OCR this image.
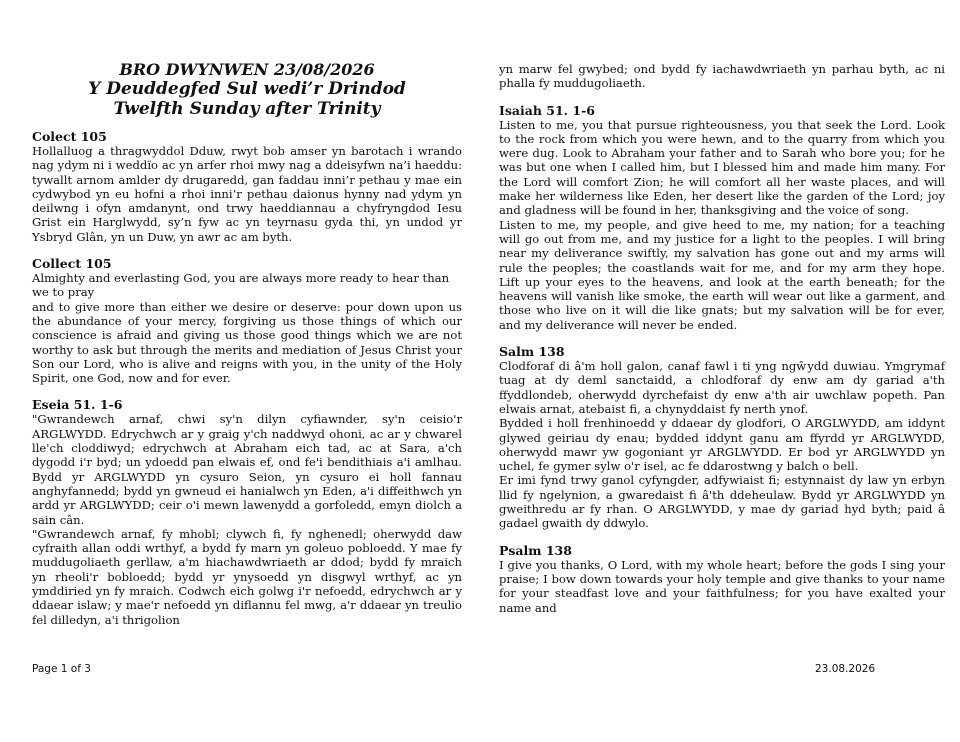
BRO DWYNWEN 23/08/2026
Y Deuddegfed Sul wedi’r Drindod
Twelfth Sunday after Trinity
Colect 105

Hollalluog a thragwyddol Dduw, rwyt bob amser yn barotach i wrando nag ydym ni i weddïo ac yn arfer rhoi mwy nag a ddeisyfwn na’i haeddu: tywallt arnom amlder dy drugaredd, gan faddau inni’r pethau y mae ein cydwybod yn eu hofni a rhoi inni’r pethau daionus hynny nad ydym yn deilwng i ofyn amdanynt, ond trwy haeddiannau a chyfryngdod Iesu Grist ein Harglwydd, sy’n fyw ac yn teyrnasu gyda thi, yn undod yr Ysbryd Glân, yn un Duw, yn awr ac am byth.

Collect 105

Almighty and everlasting God, you are always more ready to hear than we to pray

and to give more than either we desire or deserve: pour down upon us the abundance of your mercy, forgiving us those things of which our conscience is afraid and giving us those good things which we are not worthy to ask but through the merits and mediation of Jesus Christ your Son our Lord, who is alive and reigns with you, in the unity of the Holy Spirit, one God, now and for ever.

Eseia 51. 1-6

"Gwrandewch arnaf, chwi sy'n dilyn cyfiawnder, sy'n ceisio'r ARGLWYDD. Edrychwch ar y graig y'ch naddwyd ohoni, ac ar y chwarel lle'ch cloddiwyd; edrychwch at Abraham eich tad, ac at Sara, a'ch dygodd i'r byd; un ydoedd pan elwais ef, ond fe'i bendithiais a'i amlhau. Bydd yr ARGLWYDD yn cysuro Seion, yn cysuro ei holl fannau anghyfannedd; bydd yn gwneud ei hanialwch yn Eden, a'i diffeithwch yn ardd yr ARGLWYDD; ceir o'i mewn lawenydd a gorfoledd, emyn diolch a sain cân.

"Gwrandewch arnaf, fy mhobl; clywch fi, fy nghenedl; oherwydd daw cyfraith allan oddi wrthyf, a bydd fy marn yn goleuo pobloedd. Y mae fy muddugoliaeth gerllaw, a'm hiachawdwriaeth ar ddod; bydd fy mraich yn rheoli'r bobloedd; bydd yr ynysoedd yn disgwyl wrthyf, ac yn ymddiried yn fy mraich. Codwch eich golwg i'r nefoedd, edrychwch ar y ddaear islaw; y mae'r nefoedd yn diflannu fel mwg, a'r ddaear yn treulio fel dilledyn, a'i thrigolion

yn marw fel gwybed; ond bydd fy iachawdwriaeth yn parhau byth, ac ni phalla fy muddugoliaeth.

Isaiah 51. 1-6

Listen to me, you that pursue righteousness, you that seek the Lord. Look to the rock from which you were hewn, and to the quarry from which you were dug. Look to Abraham your father and to Sarah who bore you; for he was but one when I called him, but I blessed him and made him many. For the Lord will comfort Zion; he will comfort all her waste places, and will make her wilderness like Eden, her desert like the garden of the Lord; joy and gladness will be found in her, thanksgiving and the voice of song.

Listen to me, my people, and give heed to me, my nation; for a teaching will go out from me, and my justice for a light to the peoples. I will bring near my deliverance swiftly, my salvation has gone out and my arms will rule the peoples; the coastlands wait for me, and for my arm they hope. Lift up your eyes to the heavens, and look at the earth beneath; for the heavens will vanish like smoke, the earth will wear out like a garment, and those who live on it will die like gnats; but my salvation will be for ever, and my deliverance will never be ended.

Salm 138

Clodforaf di â'm holl galon, canaf fawl i ti yng ngŵydd duwiau. Ymgrymaf tuag at dy deml sanctaidd, a chlodforaf dy enw am dy gariad a'th ffyddlondeb, oherwydd dyrchefaist dy enw a'th air uwchlaw popeth. Pan elwais arnat, atebaist fi, a chynyddaist fy nerth ynof.

Bydded i holl frenhinoedd y ddaear dy glodfori, O ARGLWYDD, am iddynt glywed geiriau dy enau; bydded iddynt ganu am ffyrdd yr ARGLWYDD, oherwydd mawr yw gogoniant yr ARGLWYDD. Er bod yr ARGLWYDD yn uchel, fe gymer sylw o'r isel, ac fe ddarostwng y balch o bell.

Er imi fynd trwy ganol cyfyngder, adfywiaist fi; estynnaist dy law yn erbyn llid fy ngelynion, a gwaredaist fi â'th ddeheulaw. Bydd yr ARGLWYDD yn gweithredu ar fy rhan. O ARGLWYDD, y mae dy gariad hyd byth; paid â gadael gwaith dy ddwylo.

Psalm 138

I give you thanks, O Lord, with my whole heart; before the gods I sing your praise; I bow down towards your holy temple and give thanks to your name for your steadfast love and your faithfulness; for you have exalted your name and

Page 1 of 3	23.08.2026
